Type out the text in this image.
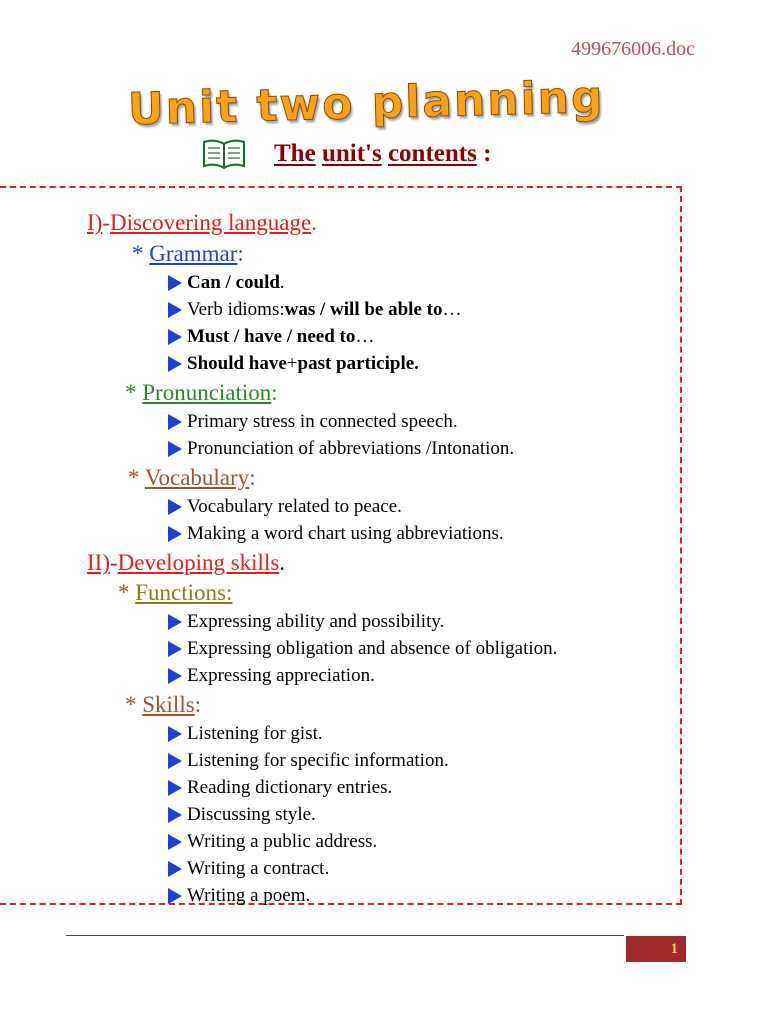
499676006.doc
Unit two planning
The unit's contents :
I)-Discovering language.
* Grammar:
Can / could .
Verb idioms: was / will be able to …
Must / have / need to …
Should have + past participle.
* Pronunciation:
Primary stress in connected speech.
Pronunciation of abbreviations /Intonation.
* Vocabulary:
Vocabulary related to peace.
Making a word chart using abbreviations.
II)-Developing skills.
* Functions:
Expressing ability and possibility.
Expressing obligation and absence of obligation.
Expressing appreciation.
* Skills:
Listening for gist.
Listening for specific information.
Reading dictionary entries.
Discussing style.
Writing a public address.
Writing a contract.
Writing a poem.
1
